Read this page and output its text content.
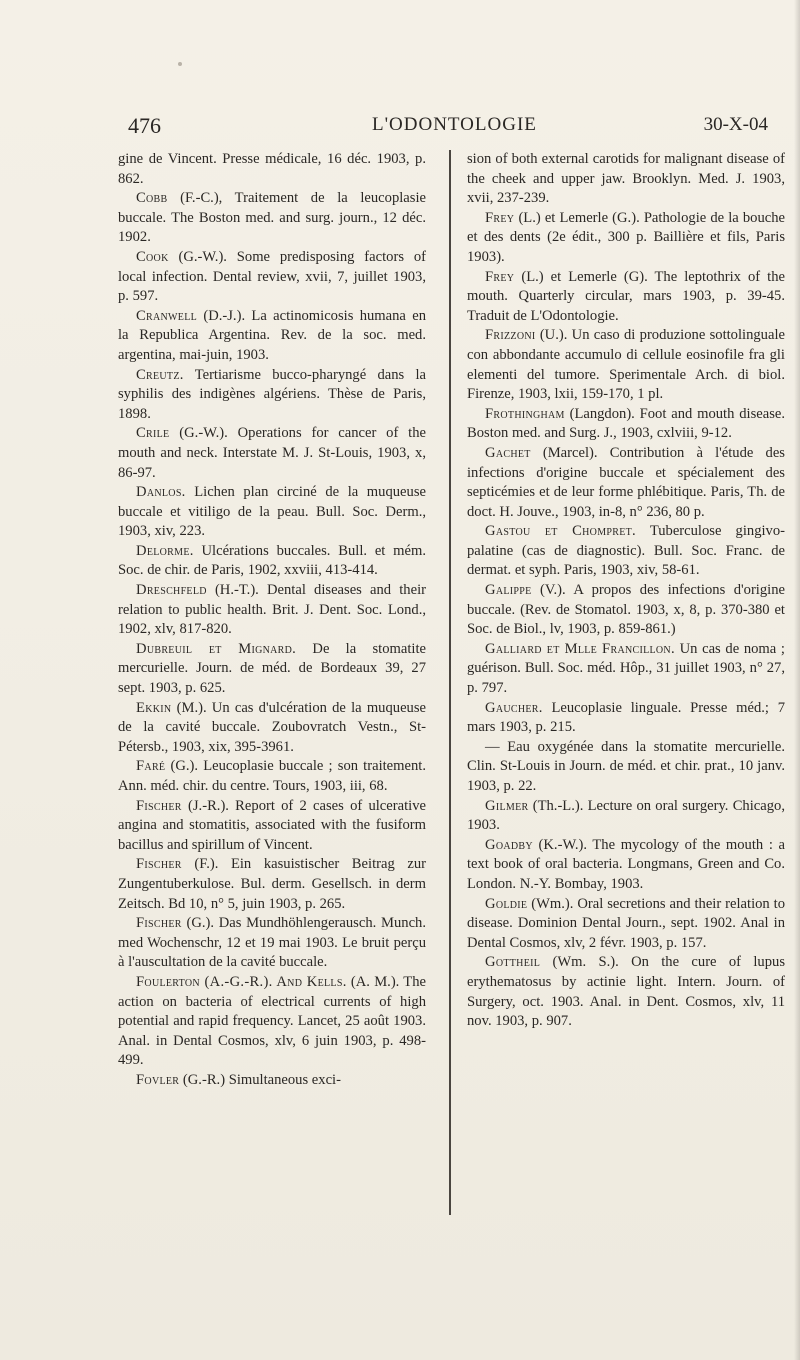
476	L'ODONTOLOGIE	30-X-04

gine de Vincent. Presse médicale, 16 déc. 1903, p. 862.

Cobb (F.-C.), Traitement de la leucoplasie buccale. The Boston med. and surg. journ., 12 déc. 1902.

Cook (G.-W.). Some predisposing factors of local infection. Dental review, xvii, 7, juillet 1903, p. 597.

Cranwell (D.-J.). La actinomicosis humana en la Republica Argentina. Rev. de la soc. med. argentina, mai-juin, 1903.

Creutz. Tertiarisme bucco-pharyngé dans la syphilis des indigènes algériens. Thèse de Paris, 1898.

Crile (G.-W.). Operations for cancer of the mouth and neck. Interstate M. J. St-Louis, 1903, x, 86-97.

Danlos. Lichen plan circiné de la muqueuse buccale et vitiligo de la peau. Bull. Soc. Derm., 1903, xiv, 223.

Delorme. Ulcérations buccales. Bull. et mém. Soc. de chir. de Paris, 1902, xxviii, 413-414.

Dreschfeld (H.-T.). Dental diseases and their relation to public health. Brit. J. Dent. Soc. Lond., 1902, xlv, 817-820.

Dubreuil et Mignard. De la stomatite mercurielle. Journ. de méd. de Bordeaux 39, 27 sept. 1903, p. 625.

Ekkin (M.). Un cas d'ulcération de la muqueuse de la cavité buccale. Zoubovratch Vestn., St-Pétersb., 1903, xix, 395-3961.

Faré (G.). Leucoplasie buccale ; son traitement. Ann. méd. chir. du centre. Tours, 1903, iii, 68.

Fischer (J.-R.). Report of 2 cases of ulcerative angina and stomatitis, associated with the fusiform bacillus and spirillum of Vincent.

Fischer (F.). Ein kasuistischer Beitrag zur Zungentuberkulose. Bul. derm. Gesellsch. in derm Zeitsch. Bd 10, n° 5, juin 1903, p. 265.

Fischer (G.). Das Mundhöhlengerausch. Munch. med Wochenschr, 12 et 19 mai 1903. Le bruit perçu à l'auscultation de la cavité buccale.

Foulerton (A.-G.-R.). And Kells. (A. M.). The action on bacteria of electrical currents of high potential and rapid frequency. Lancet, 25 août 1903. Anal. in Dental Cosmos, xlv, 6 juin 1903, p. 498-499.

Fovler (G.-R.) Simultaneous exci-

sion of both external carotids for malignant disease of the cheek and upper jaw. Brooklyn. Med. J. 1903, xvii, 237-239.

Frey (L.) et Lemerle (G.). Pathologie de la bouche et des dents (2e édit., 300 p. Baillière et fils, Paris 1903).

Frey (L.) et Lemerle (G). The leptothrix of the mouth. Quarterly circular, mars 1903, p. 39-45. Traduit de L'Odontologie.

Frizzoni (U.). Un caso di produzione sottolinguale con abbondante accumulo di cellule eosinofile fra gli elementi del tumore. Sperimentale Arch. di biol. Firenze, 1903, lxii, 159-170, 1 pl.

Frothingham (Langdon). Foot and mouth disease. Boston med. and Surg. J., 1903, cxlviii, 9-12.

Gachet (Marcel). Contribution à l'étude des infections d'origine buccale et spécialement des septicémies et de leur forme phlébitique. Paris, Th. de doct. H. Jouve., 1903, in-8, n° 236, 80 p.

Gastou et Chompret. Tuberculose gingivo-palatine (cas de diagnostic). Bull. Soc. Franc. de dermat. et syph. Paris, 1903, xiv, 58-61.

Galippe (V.). A propos des infections d'origine buccale. (Rev. de Stomatol. 1903, x, 8, p. 370-380 et Soc. de Biol., lv, 1903, p. 859-861.)

Galliard et Mlle Francillon. Un cas de noma ; guérison. Bull. Soc. méd. Hôp., 31 juillet 1903, n° 27, p. 797.

Gaucher. Leucoplasie linguale. Presse méd.; 7 mars 1903, p. 215.

— Eau oxygénée dans la stomatite mercurielle. Clin. St-Louis in Journ. de méd. et chir. prat., 10 janv. 1903, p. 22.

Gilmer (Th.-L.). Lecture on oral surgery. Chicago, 1903.

Goadby (K.-W.). The mycology of the mouth : a text book of oral bacteria. Longmans, Green and Co. London. N.-Y. Bombay, 1903.

Goldie (Wm.). Oral secretions and their relation to disease. Dominion Dental Journ., sept. 1902. Anal in Dental Cosmos, xlv, 2 févr. 1903, p. 157.

Gottheil (Wm. S.). On the cure of lupus erythematosus by actinie light. Intern. Journ. of Surgery, oct. 1903. Anal. in Dent. Cosmos, xlv, 11 nov. 1903, p. 907.
